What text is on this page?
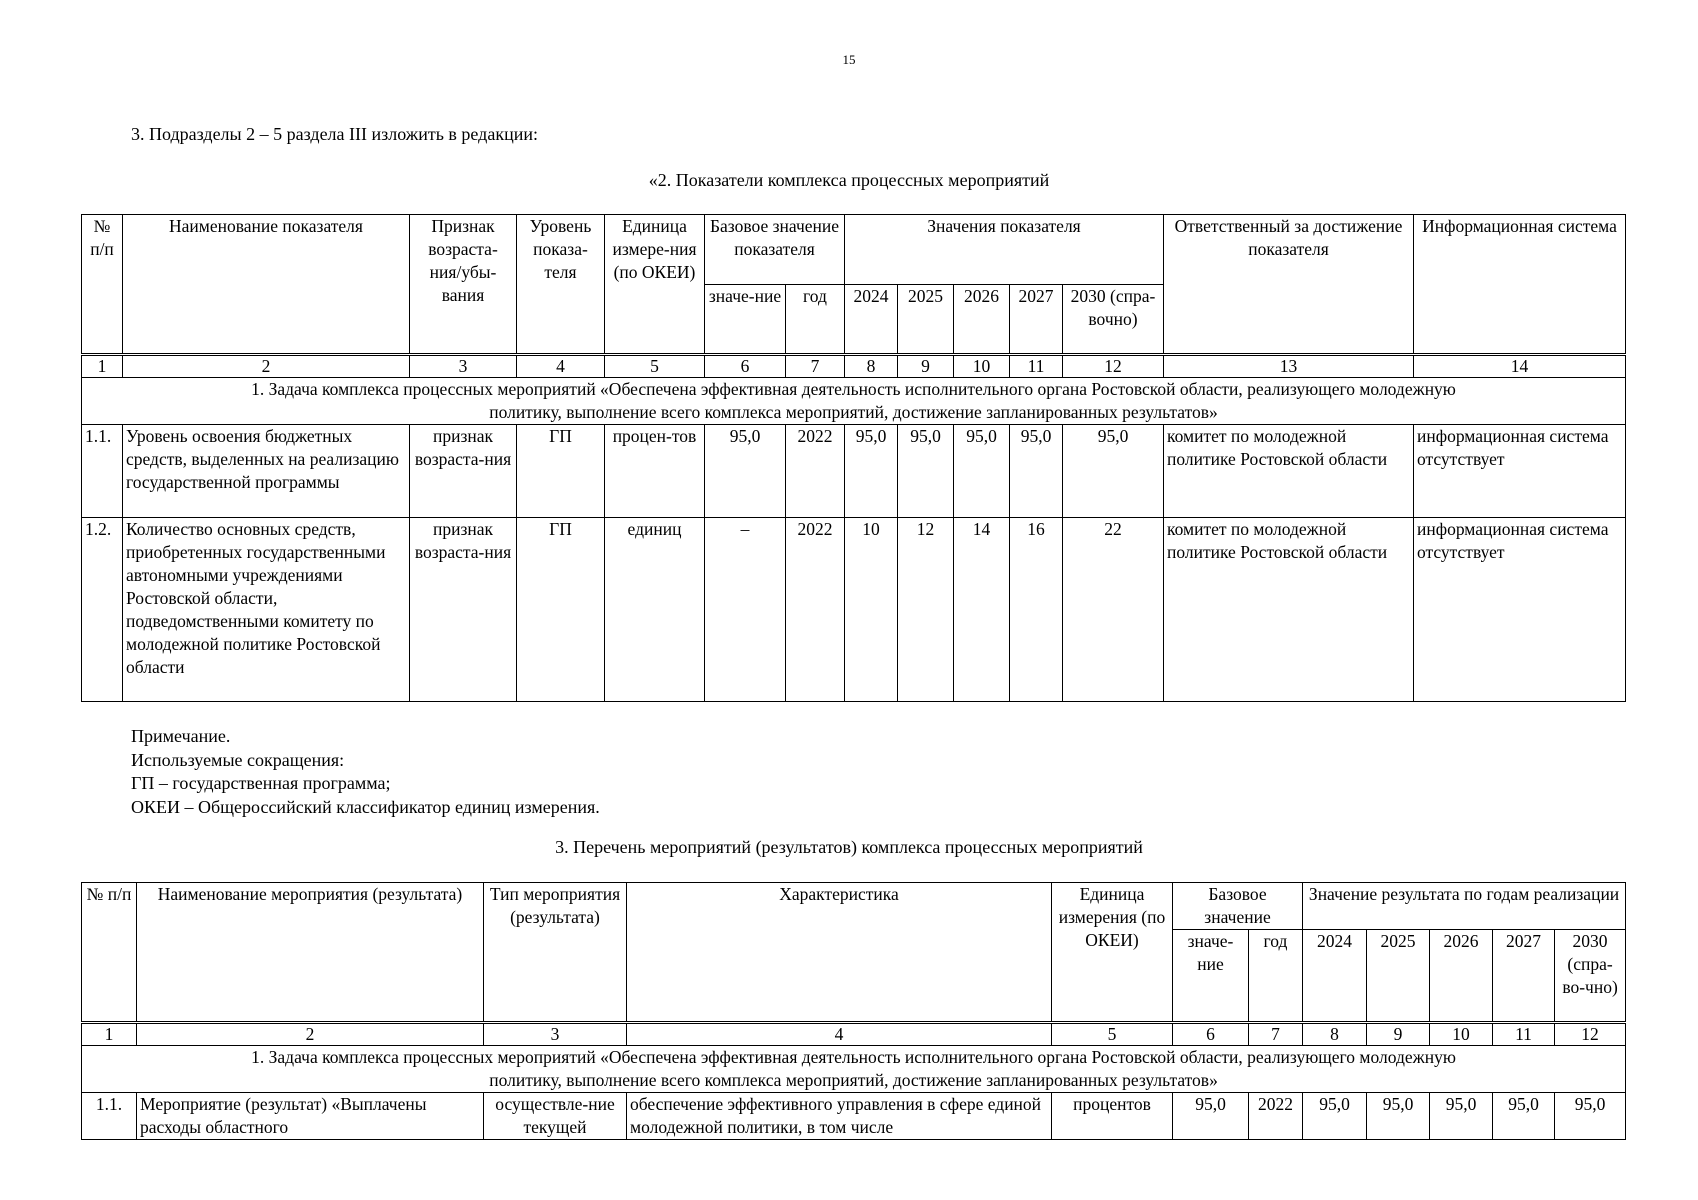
15
3. Подразделы 2 – 5 раздела III изложить в редакции:
«2. Показатели комплекса процессных мероприятий
№ п/п	Наименование показателя	Признак возраста-ния/убы-вания	Уровень показа-теля	Единица измере-ния (по ОКЕИ)	Базовое значение показателя		Значения показателя					Ответственный за достижение показателя	Информационная система
					значе-ние	год	2024	2025	2026	2027	2030 (спра-вочно)		
1	2	3	4	5	6	7	8	9	10	11	12	13	14
1. Задача комплекса процессных мероприятий «Обеспечена эффективная деятельность исполнительного органа Ростовской области, реализующего молодежную политику, выполнение всего комплекса мероприятий, достижение запланированных результатов»													
1.1.	Уровень освоения бюджетных средств, выделенных на реализацию государственной программы	признак возраста-ния	ГП	процен-тов	95,0	2022	95,0	95,0	95,0	95,0	95,0	комитет по молодежной политике Ростовской области	информационная система отсутствует
1.2.	Количество основных средств, приобретенных государственными автономными учреждениями Ростовской области, подведомственными комитету по молодежной политике Ростовской области	признак возраста-ния	ГП	единиц	–	2022	10	12	14	16	22	комитет по молодежной политике Ростовской области	информационная система отсутствует
Примечание.
Используемые сокращения:
ГП – государственная программа;
ОКЕИ – Общероссийский классификатор единиц измерения.
3. Перечень мероприятий (результатов) комплекса процессных мероприятий
№ п/п	Наименование мероприятия (результата)	Тип мероприятия (результата)	Характеристика	Единица измерения (по ОКЕИ)	Базовое значение		Значение результата по годам реализации				
					значе-ние	год	2024	2025	2026	2027	2030 (спра-во-чно)
1	2	3	4	5	6	7	8	9	10	11	12
1. Задача комплекса процессных мероприятий «Обеспечена эффективная деятельность исполнительного органа Ростовской области, реализующего молодежную политику, выполнение всего комплекса мероприятий, достижение запланированных результатов»											
1.1.	Мероприятие (результат) «Выплачены расходы областного	осуществле-ние текущей	обеспечение эффективного управления в сфере единой молодежной политики, в том числе	процентов	95,0	2022	95,0	95,0	95,0	95,0	95,0
